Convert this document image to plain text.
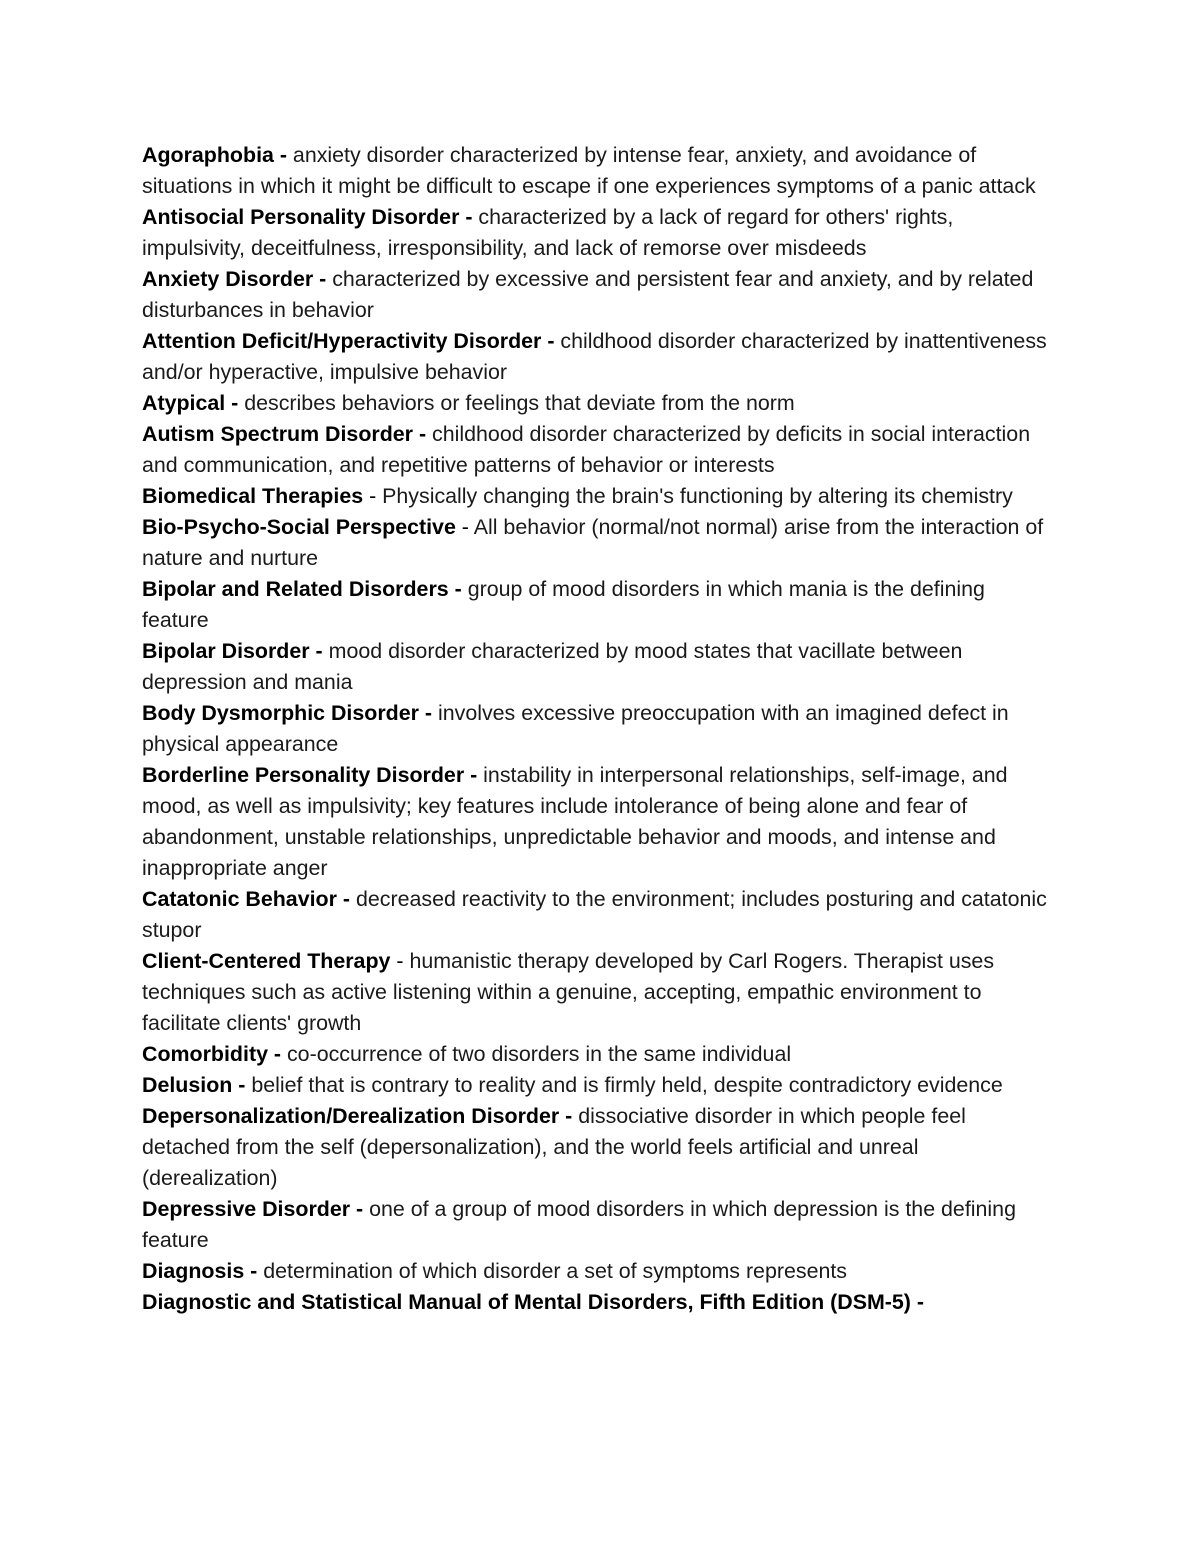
Agoraphobia - anxiety disorder characterized by intense fear, anxiety, and avoidance of situations in which it might be difficult to escape if one experiences symptoms of a panic attack

Antisocial Personality Disorder - characterized by a lack of regard for others' rights, impulsivity, deceitfulness, irresponsibility, and lack of remorse over misdeeds

Anxiety Disorder - characterized by excessive and persistent fear and anxiety, and by related disturbances in behavior

Attention Deficit/Hyperactivity Disorder - childhood disorder characterized by inattentiveness and/or hyperactive, impulsive behavior

Atypical - describes behaviors or feelings that deviate from the norm

Autism Spectrum Disorder - childhood disorder characterized by deficits in social interaction and communication, and repetitive patterns of behavior or interests

Biomedical Therapies - Physically changing the brain's functioning by altering its chemistry

Bio-Psycho-Social Perspective - All behavior (normal/not normal) arise from the interaction of nature and nurture

Bipolar and Related Disorders - group of mood disorders in which mania is the defining feature

Bipolar Disorder - mood disorder characterized by mood states that vacillate between depression and mania

Body Dysmorphic Disorder - involves excessive preoccupation with an imagined defect in physical appearance

Borderline Personality Disorder - instability in interpersonal relationships, self-image, and mood, as well as impulsivity; key features include intolerance of being alone and fear of abandonment, unstable relationships, unpredictable behavior and moods, and intense and inappropriate anger

Catatonic Behavior - decreased reactivity to the environment; includes posturing and catatonic stupor

Client-Centered Therapy - humanistic therapy developed by Carl Rogers. Therapist uses techniques such as active listening within a genuine, accepting, empathic environment to facilitate clients' growth

Comorbidity - co-occurrence of two disorders in the same individual

Delusion - belief that is contrary to reality and is firmly held, despite contradictory evidence

Depersonalization/Derealization Disorder - dissociative disorder in which people feel detached from the self (depersonalization), and the world feels artificial and unreal (derealization)

Depressive Disorder - one of a group of mood disorders in which depression is the defining feature

Diagnosis - determination of which disorder a set of symptoms represents

Diagnostic and Statistical Manual of Mental Disorders, Fifth Edition (DSM-5) -
